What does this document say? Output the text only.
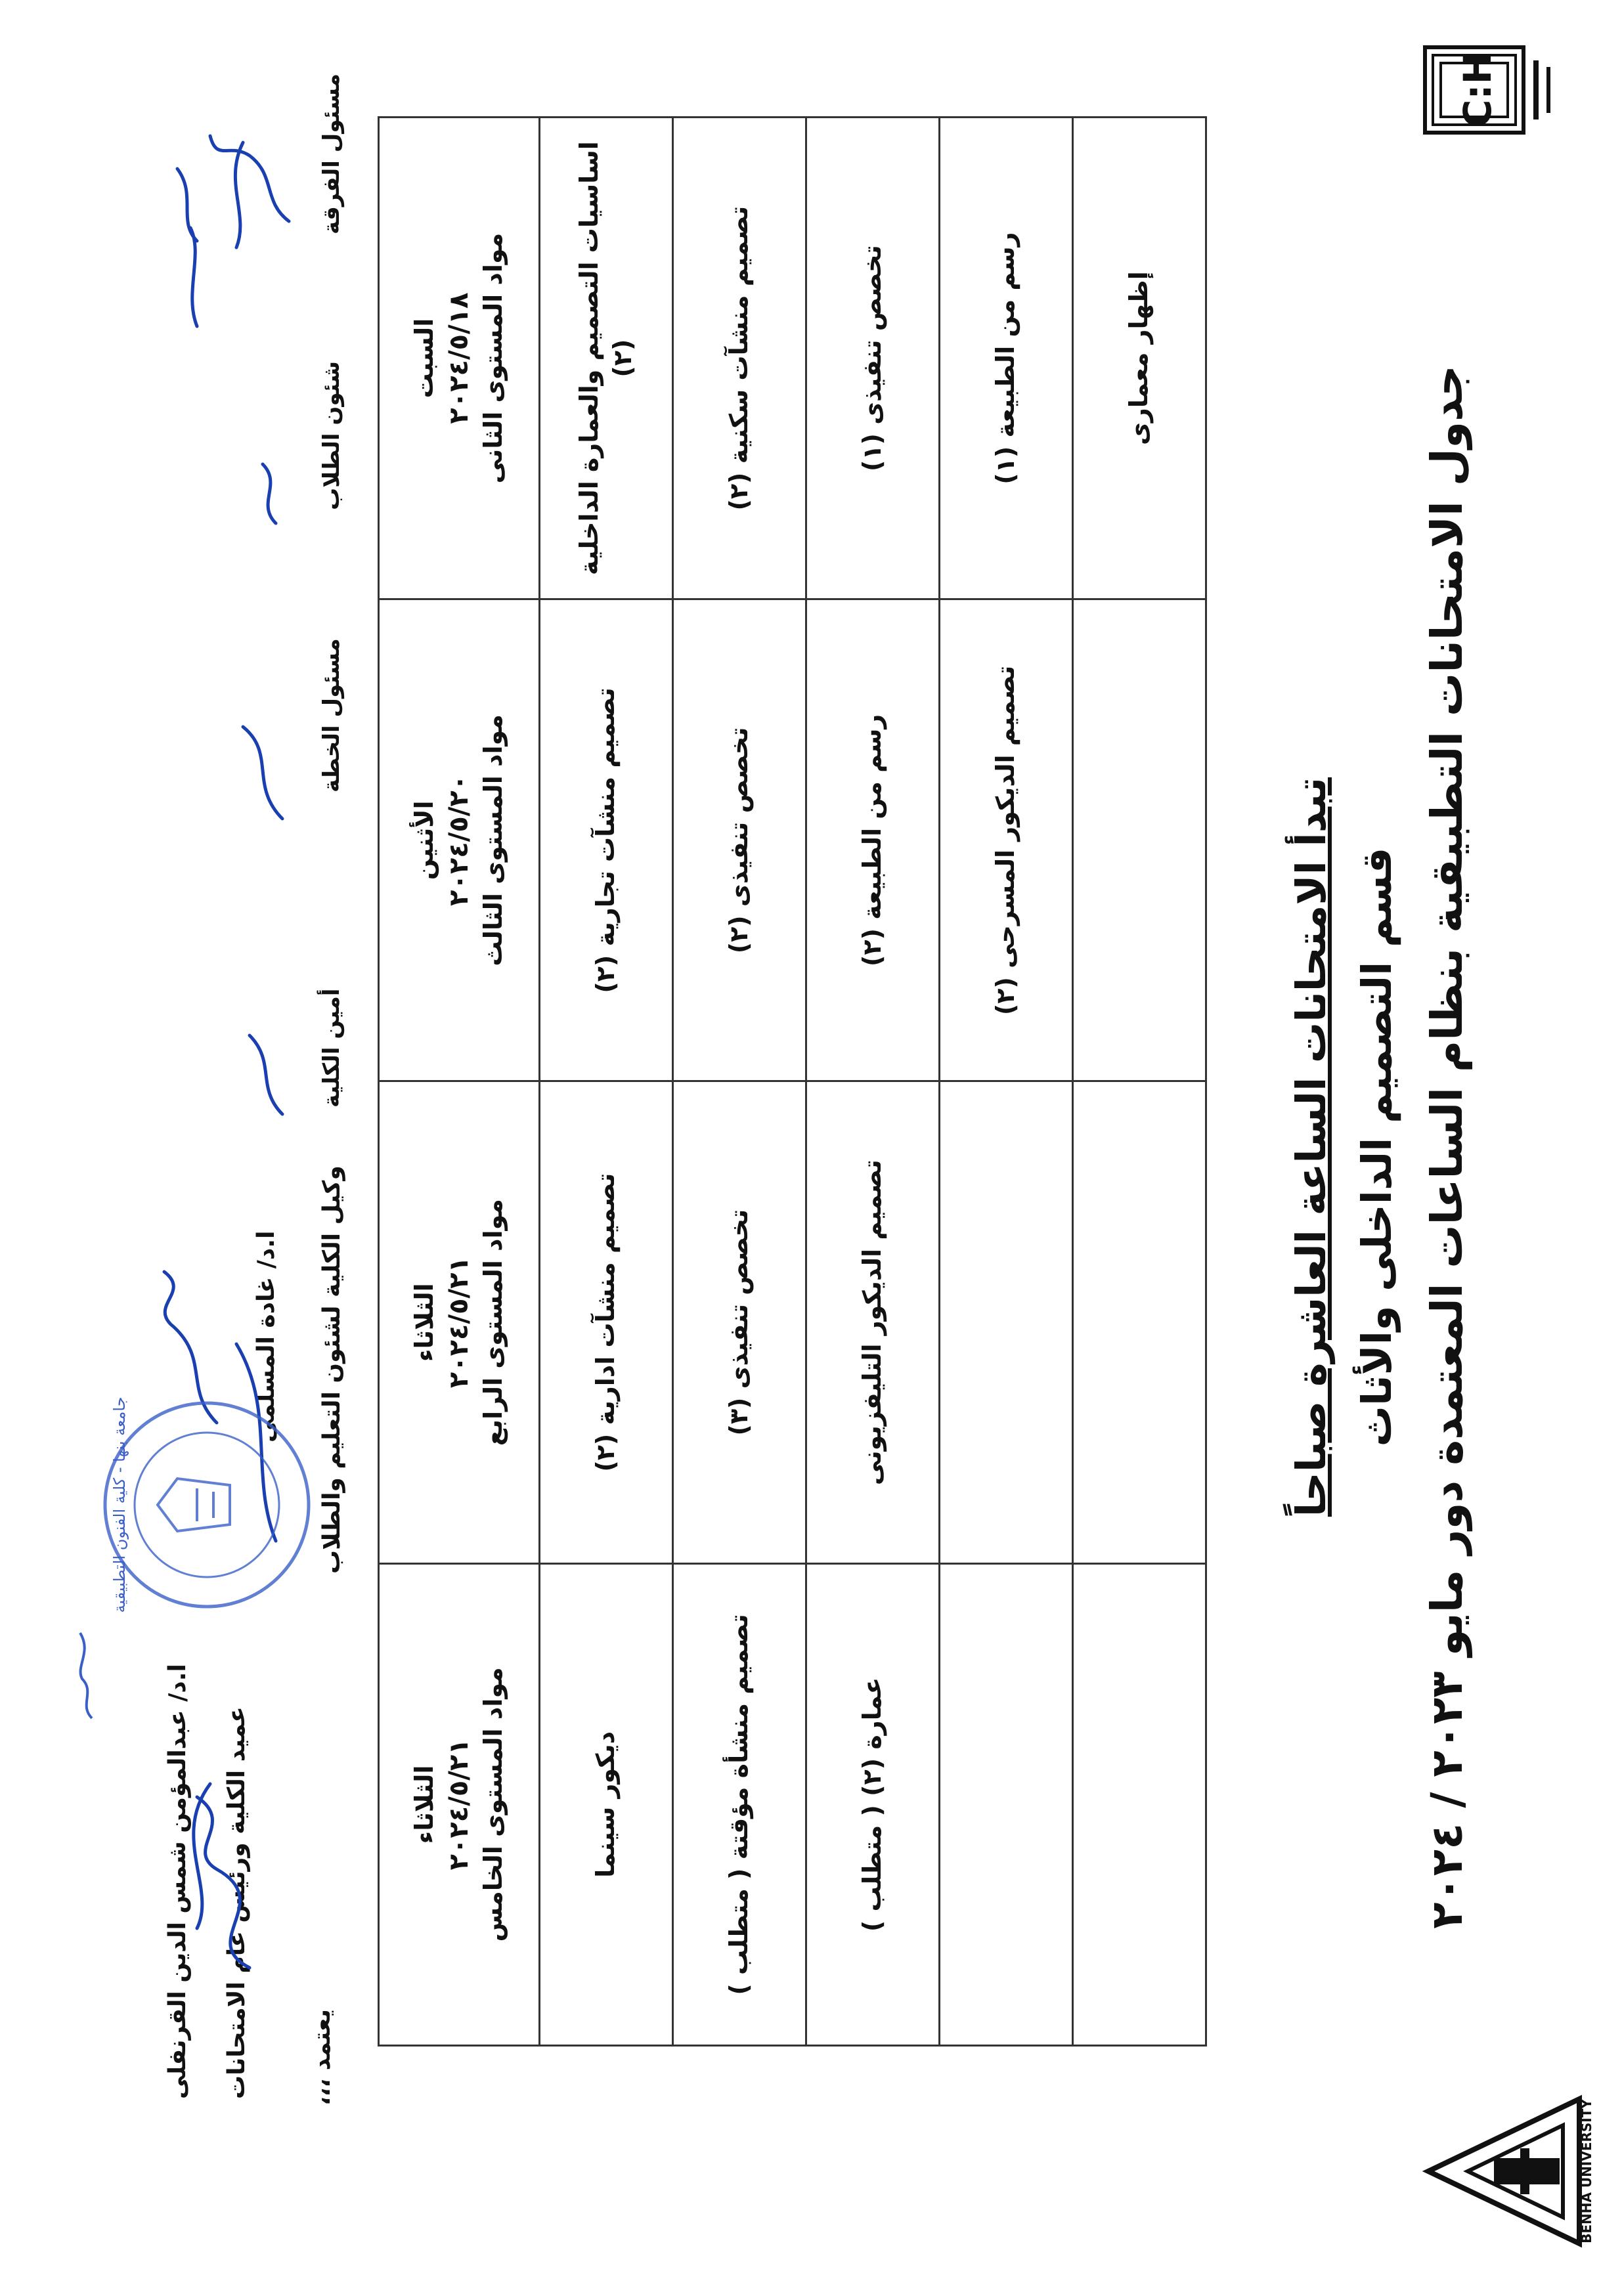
C:H
BENHA UNIVERSITY
جدول الامتحانات التطبيقية بنظام الساعات المعتمدة دور مايو ٢٠٢٣ / ٢٠٢٤
قسم التصميم الداخلى والأثاث
تبدأ الامتحانات الساعة العاشرة صباحاً
السبت ٢٠٢٤/٥/١٨ مواد المستوى الثانى	الأثنين ٢٠٢٤/٥/٢٠ مواد المستوى الثالث	الثلاثاء ٢٠٢٤/٥/٢١ مواد المستوى الرابع	الثلاثاء ٢٠٢٤/٥/٢١ مواد المستوى الخامس

اساسيات التصميم والعمارة الداخلية (٢)	تصميم منشآت تجارية (٢)	تصميم منشآت ادارية (٢)	ديكور سينما
تصميم منشآت سكنية (٢)	تخصص تنفيذى (٢)	تخصص تنفيذى (٣)	تصميم منشأة مؤقتة ( متطلب )
تخصص تنفيذى (١)	رسم من الطبيعة (٢)	تصميم الديكور التليفزيونى	عمارة (٢) ( متطلب )
رسم من الطبيعة (١)	تصميم الديكور المسرحى (٢)		
إظهار معمارى			
مسئول الفرقة
شئون الطلاب
مسئول الخطة
أمين الكلية
وكيل الكلية لشئون التعليم والطلاب
ا.د/ غادة المسلمى
يعتمد ،،،
عميد الكلية ورئيس عام الامتحانات
ا.د/ عبدالمؤمن شمس الدين القرنفلى
جامعة بنها - كلية الفنون التطبيقية
